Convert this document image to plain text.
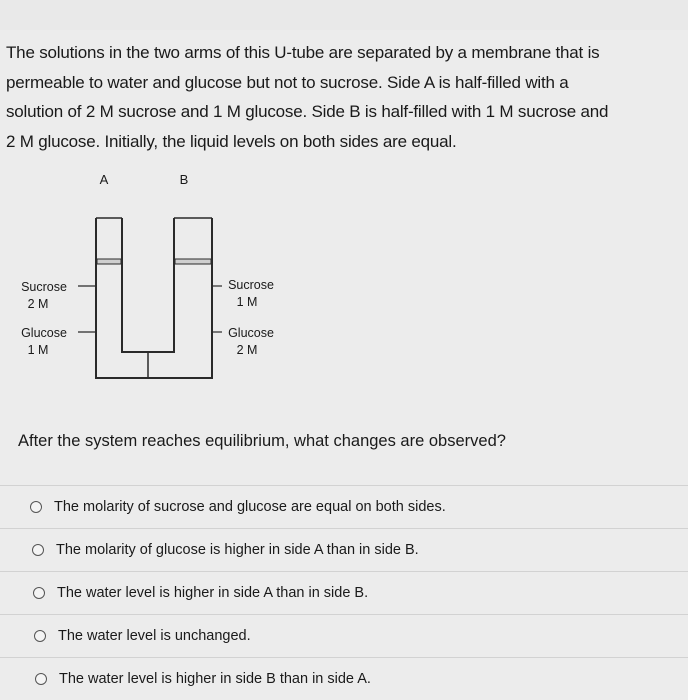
The solutions in the two arms of this U-tube are separated by a membrane that is
permeable to water and glucose but not to sucrose. Side A is half-filled with a
solution of 2 M sucrose and 1 M glucose. Side B is half-filled with 1 M sucrose and
2 M glucose. Initially, the liquid levels on both sides are equal.
A	B
Sucrose
2 M
Glucose
1 M
Sucrose
1 M
Glucose
2 M

After the system reaches equilibrium, what changes are observed?

The molarity of sucrose and glucose are equal on both sides.
The molarity of glucose is higher in side A than in side B.
The water level is higher in side A than in side B.
The water level is unchanged.
The water level is higher in side B than in side A.
